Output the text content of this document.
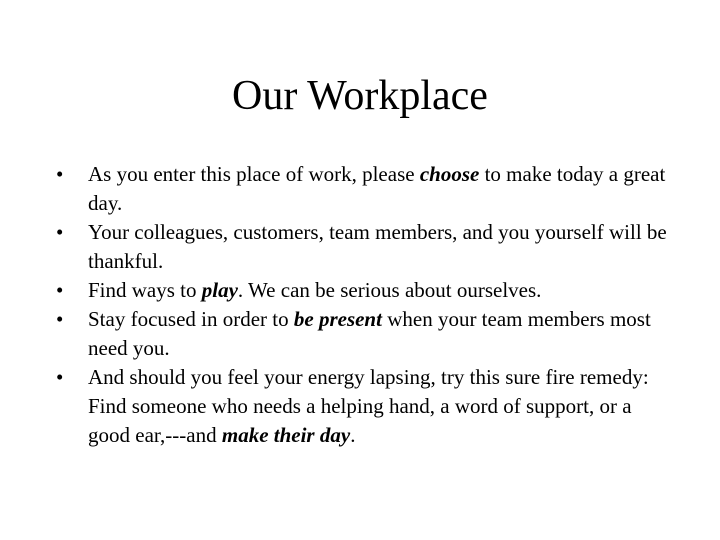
Our Workplace
•	As you enter this place of work, please choose to make today a great day.
•	Your colleagues, customers, team members, and you yourself will be thankful.
•	Find ways to play. We can be serious about ourselves.
•	Stay focused in order to be present when your team members most need you.
•	And should you feel your energy lapsing, try this sure fire remedy: Find someone who needs a helping hand, a word of support, or a good ear,---and make their day.
